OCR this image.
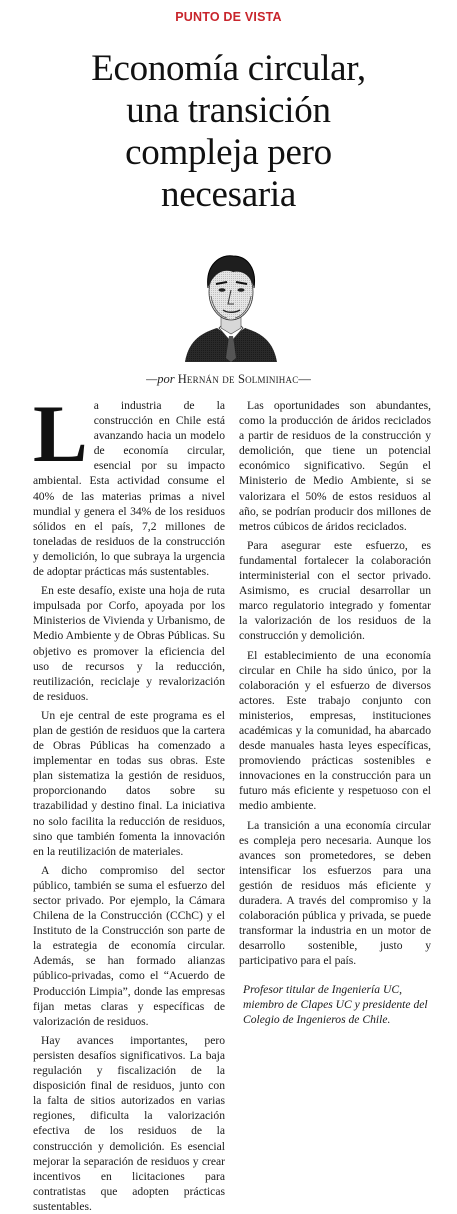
PUNTO DE VISTA
Economía circular,
una transición
compleja pero
necesaria
—por Hernán de Solminihac—

La industria de la construcción en Chile está avanzando hacia un modelo de economía circular, esencial por su impacto ambiental. Esta actividad consume el 40% de las materias primas a nivel mundial y genera el 34% de los residuos sólidos en el país, 7,2 millones de toneladas de residuos de la construcción y demolición, lo que subraya la urgencia de adoptar prácticas más sustentables.

En este desafío, existe una hoja de ruta impulsada por Corfo, apoyada por los Ministerios de Vivienda y Urbanismo, de Medio Ambiente y de Obras Públicas. Su objetivo es promover la eficiencia del uso de recursos y la reducción, reutilización, reciclaje y revalorización de residuos.

Un eje central de este programa es el plan de gestión de residuos que la cartera de Obras Públicas ha comenzado a implementar en todas sus obras. Este plan sistematiza la gestión de residuos, proporcionando datos sobre su trazabilidad y destino final. La iniciativa no solo facilita la reducción de residuos, sino que también fomenta la innovación en la reutilización de materiales.

A dicho compromiso del sector público, también se suma el esfuerzo del sector privado. Por ejemplo, la Cámara Chilena de la Construcción (CChC) y el Instituto de la Construcción son parte de la estrategia de economía circular. Además, se han formado alianzas público-privadas, como el “Acuerdo de Producción Limpia”, donde las empresas fijan metas claras y específicas de valorización de residuos.

Hay avances importantes, pero persisten desafíos significativos. La baja regulación y fiscalización de la disposición final de residuos, junto con la falta de sitios autorizados en varias regiones, dificulta la valorización efectiva de los residuos de la construcción y demolición. Es esencial mejorar la separación de residuos y crear incentivos en licitaciones para contratistas que adopten prácticas sustentables.

Las oportunidades son abundantes, como la producción de áridos reciclados a partir de residuos de la construcción y demolición, que tiene un potencial económico significativo. Según el Ministerio de Medio Ambiente, si se valorizara el 50% de estos residuos al año, se podrían producir dos millones de metros cúbicos de áridos reciclados.

Para asegurar este esfuerzo, es fundamental fortalecer la colaboración interministerial con el sector privado. Asimismo, es crucial desarrollar un marco regulatorio integrado y fomentar la valorización de los residuos de la construcción y demolición.

El establecimiento de una economía circular en Chile ha sido único, por la colaboración y el esfuerzo de diversos actores. Este trabajo conjunto con ministerios, empresas, instituciones académicas y la comunidad, ha abarcado desde manuales hasta leyes específicas, promoviendo prácticas sostenibles e innovaciones en la construcción para un futuro más eficiente y respetuoso con el medio ambiente.

La transición a una economía circular es compleja pero necesaria. Aunque los avances son prometedores, se deben intensificar los esfuerzos para una gestión de residuos más eficiente y duradera. A través del compromiso y la colaboración pública y privada, se puede transformar la industria en un motor de desarrollo sostenible, justo y participativo para el país.

Profesor titular de Ingeniería UC, miembro de Clapes UC y presidente del Colegio de Ingenieros de Chile.
